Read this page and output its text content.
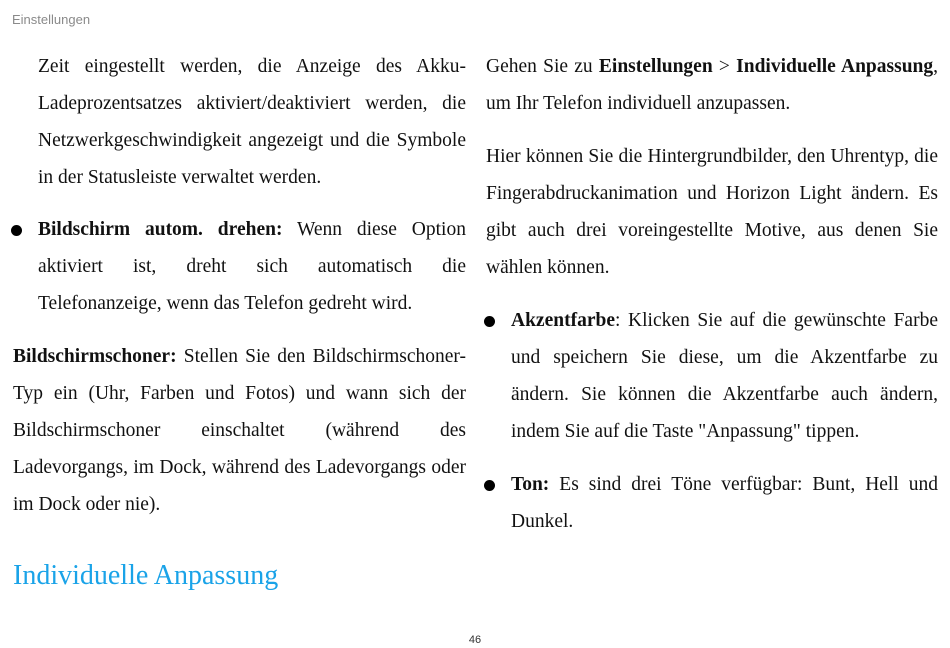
Einstellungen

Zeit eingestellt werden, die Anzeige des Akku-Ladeprozentsatzes aktiviert/deaktiviert werden, die Netzwerkgeschwindigkeit angezeigt und die Symbole in der Statusleiste verwaltet werden.

Bildschirm autom. drehen: Wenn diese Option aktiviert ist, dreht sich automatisch die Telefonanzeige, wenn das Telefon gedreht wird.

Bildschirmschoner: Stellen Sie den Bildschirmschoner-Typ ein (Uhr, Farben und Fotos) und wann sich der Bildschirmschoner einschaltet (während des Ladevorgangs, im Dock, während des Ladevorgangs oder im Dock oder nie).

Individuelle Anpassung

Gehen Sie zu Einstellungen > Individuelle Anpassung, um Ihr Telefon individuell anzupassen.

Hier können Sie die Hintergrundbilder, den Uhrentyp, die Fingerabdruckanimation und Horizon Light ändern. Es gibt auch drei voreingestellte Motive, aus denen Sie wählen können.

Akzentfarbe: Klicken Sie auf die gewünschte Farbe und speichern Sie diese, um die Akzentfarbe zu ändern. Sie können die Akzentfarbe auch ändern, indem Sie auf die Taste "Anpassung" tippen.
Ton: Es sind drei Töne verfügbar: Bunt, Hell und Dunkel.
46
